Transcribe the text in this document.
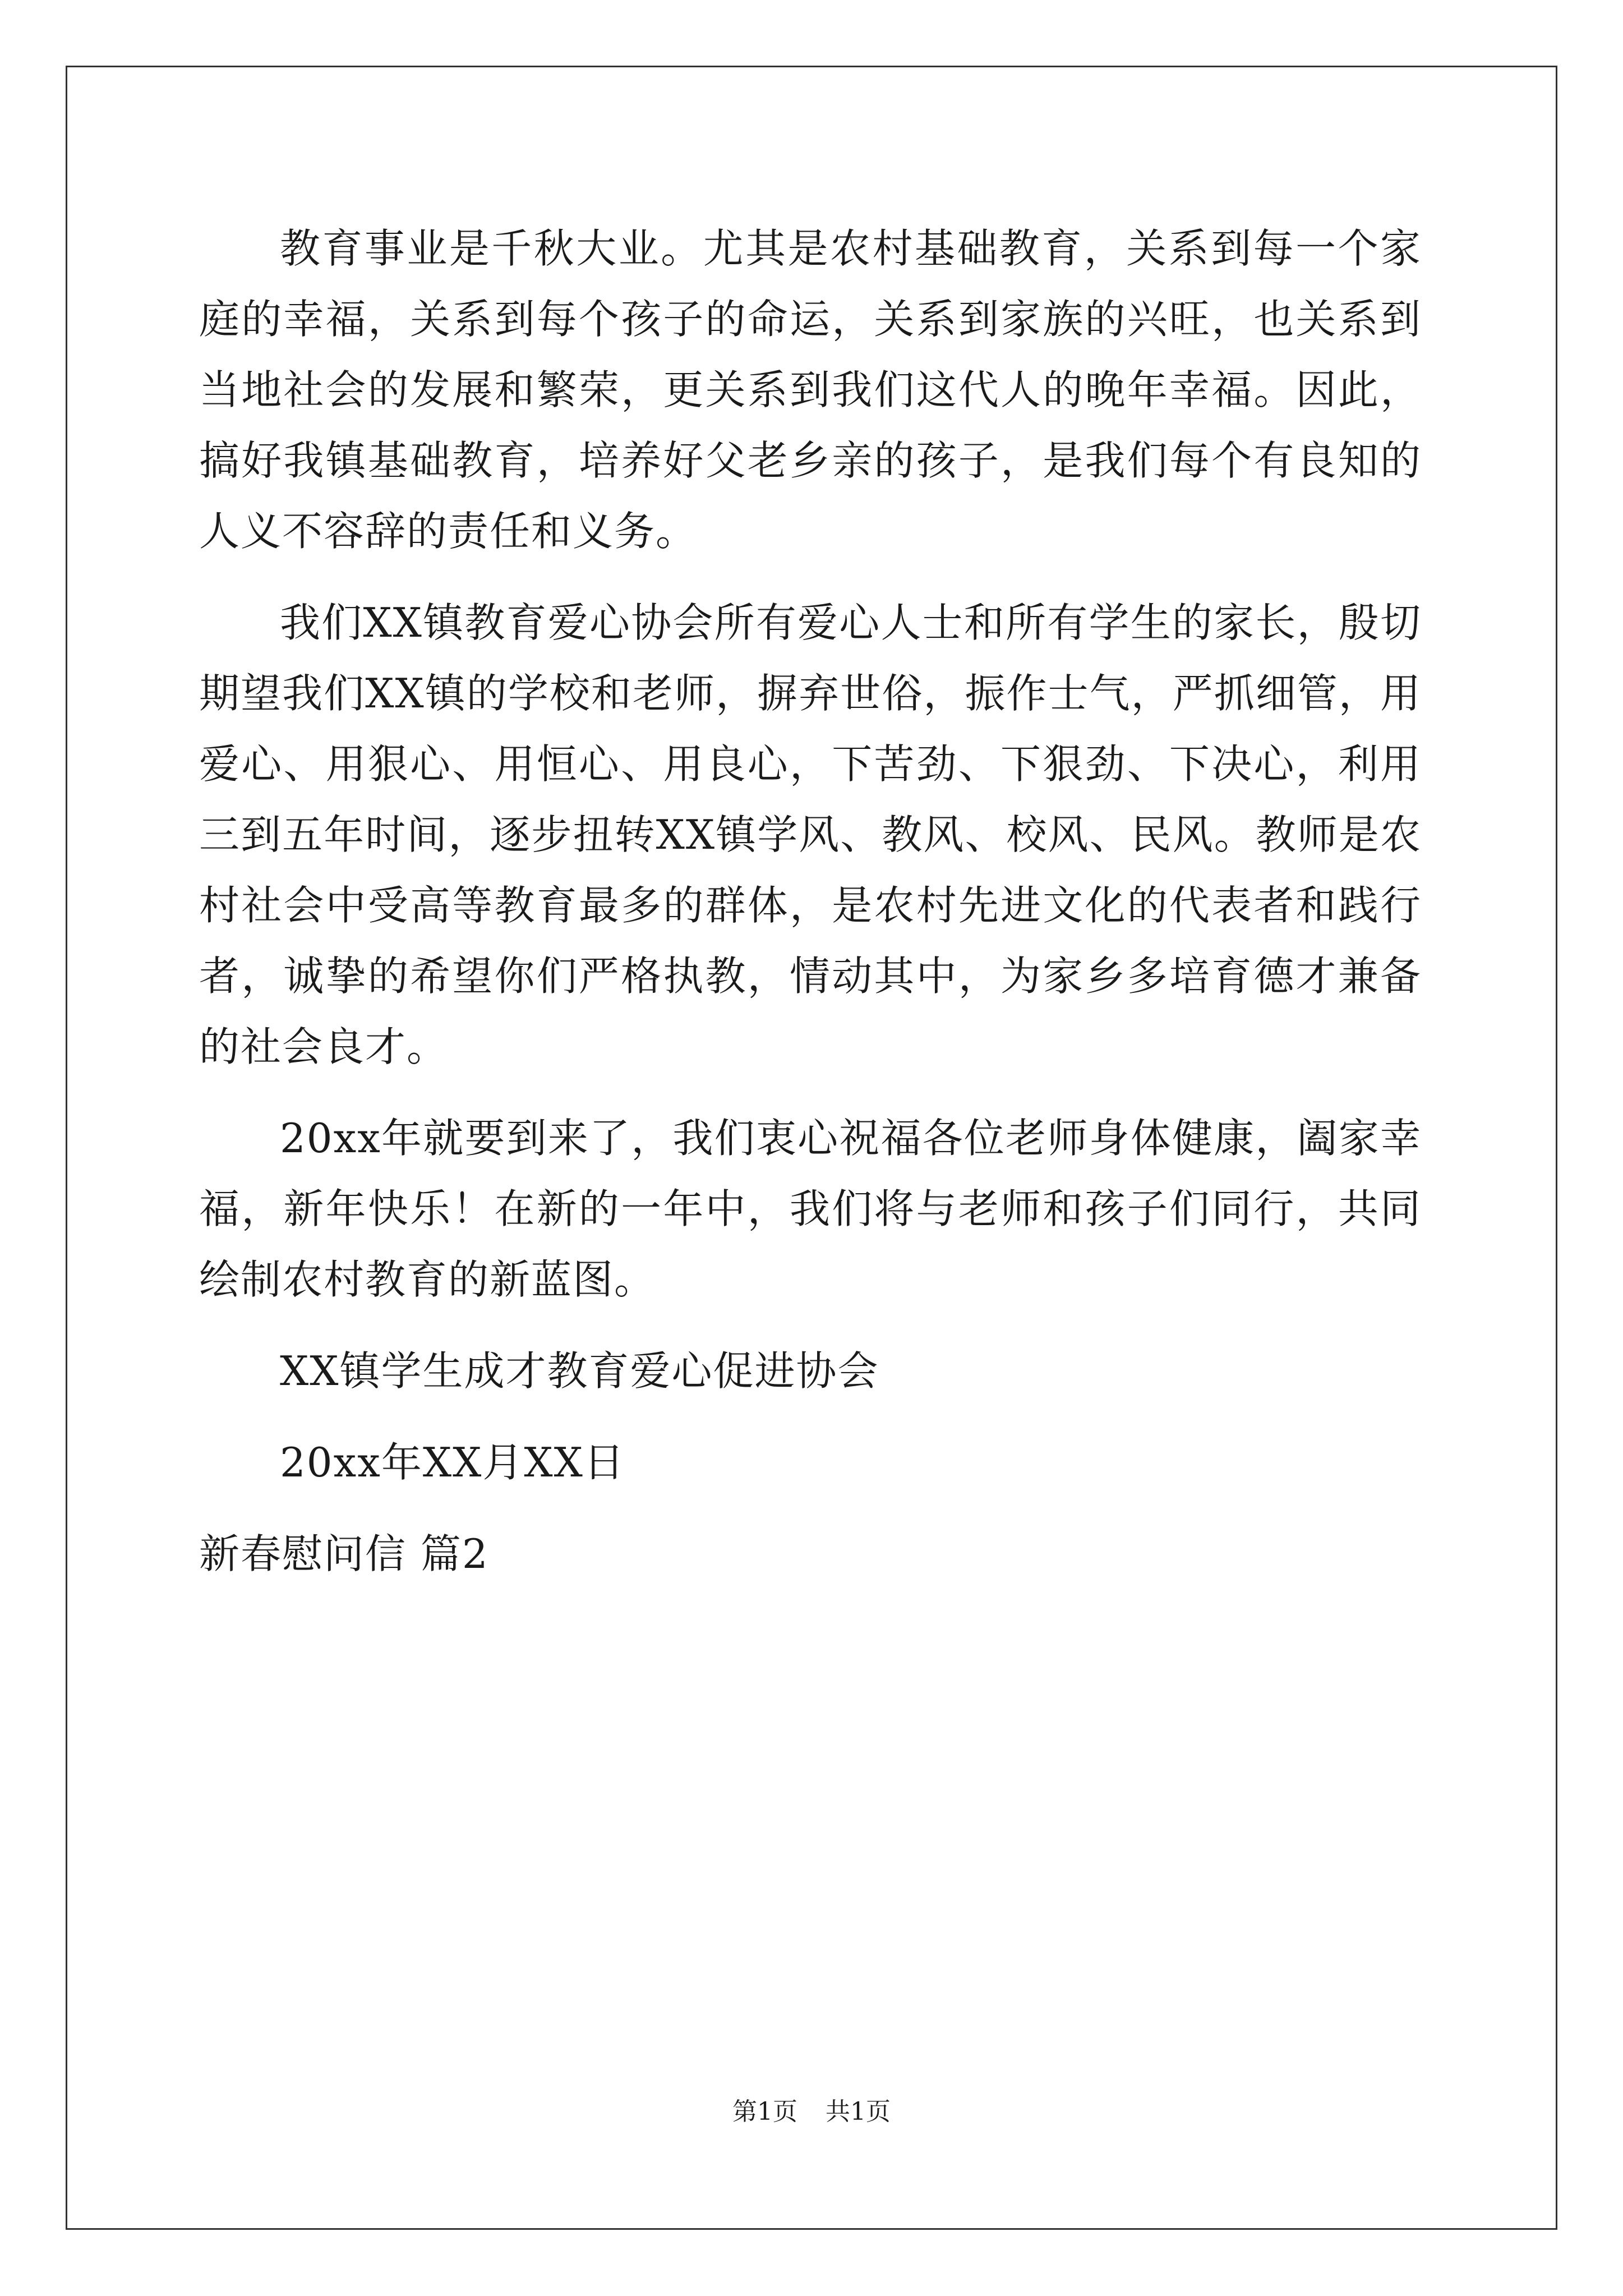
教育事业是千秋大业。尤其是农村基础教育，关系到每一个家庭的幸福，关系到每个孩子的命运，关系到家族的兴旺，也关系到当地社会的发展和繁荣，更关系到我们这代人的晚年幸福。因此，搞好我镇基础教育，培养好父老乡亲的孩子，是我们每个有良知的人义不容辞的责任和义务。

我们XX镇教育爱心协会所有爱心人士和所有学生的家长，殷切期望我们XX镇的学校和老师，摒弃世俗，振作士气，严抓细管，用爱心、用狠心、用恒心、用良心，下苦劲、下狠劲、下决心，利用三到五年时间，逐步扭转XX镇学风、教风、校风、民风。教师是农村社会中受高等教育最多的群体，是农村先进文化的代表者和践行者，诚挚的希望你们严格执教，情动其中，为家乡多培育德才兼备的社会良才。

20xx年就要到来了，我们衷心祝福各位老师身体健康，阖家幸福，新年快乐！在新的一年中，我们将与老师和孩子们同行，共同绘制农村教育的新蓝图。

XX镇学生成才教育爱心促进协会

20xx年XX月XX日

新春慰问信 篇2

第1页 共1页
